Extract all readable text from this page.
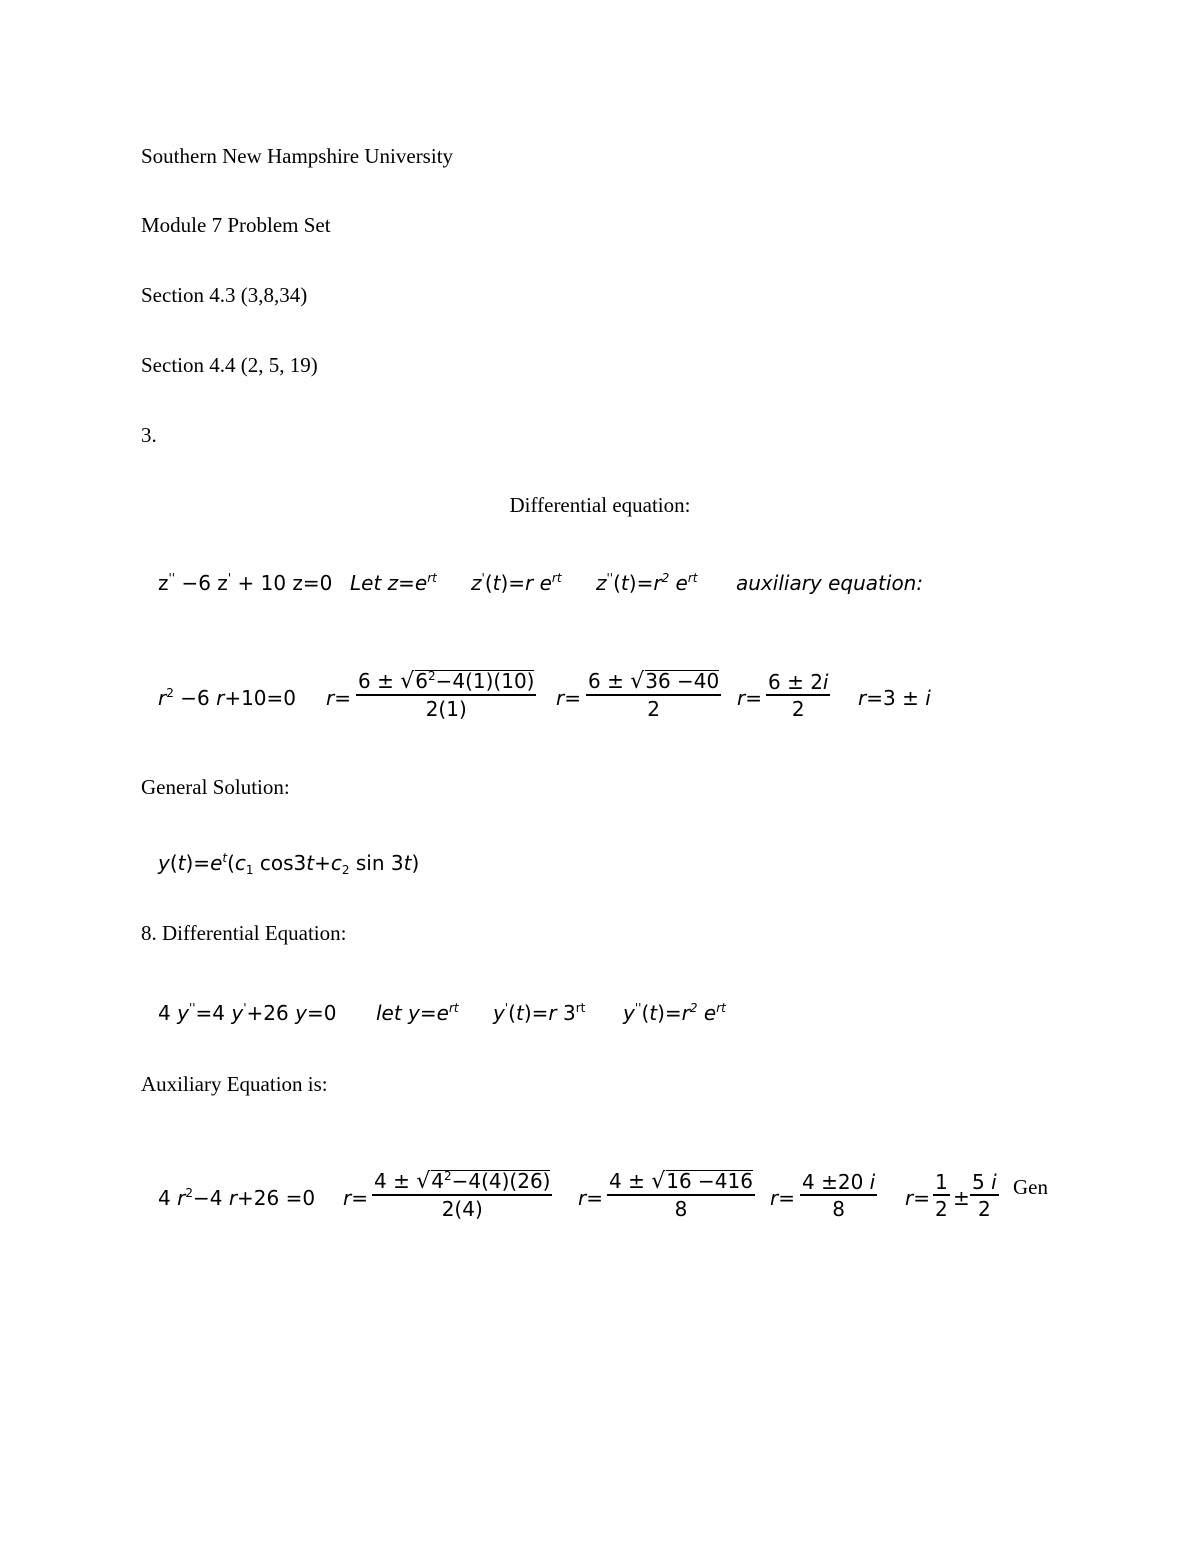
Southern New Hampshire University
Module 7 Problem Set
Section 4.3 (3,8,34)
Section 4.4 (2, 5, 19)
3.
Differential equation:
z'' −6 z' + 10 z=0 Let $z=e^{rt}$ z'(t)=r $e^{rt}$ $z''(t)=r^2$ $e^{rt}$ auxiliary equation:
$r^2 -6$ r+10=0 $r= \frac{6 \pm √6^2-4(1)(10)}{2(1)} r= \frac{6 \pm √36 -40}{2} r= \frac{6 \pm 2i}{2} r=3 \pm i$
General Solution:
$y(t)=e^t(c_1$ $\cos 3t+c_2$ sin 3t)
8. Differential Equation:
4 y''=4 y'+26 y=0 let $y=e^{rt}$ y'(t)=r $3^{rt}$ $y''(t)=r^2$ $e^{rt}$
Auxiliary Equation is:
4 $r^2-4$ r+26 =0 $r= \frac{4 \pm √4^2-4(4)(26)}{2(4)} r= \frac{4 \pm √16 -416}{8} r= \frac{4 \pm 20 i}{8} r= \frac{1}{2} \pm \frac{5 i}{2}$ Gen
